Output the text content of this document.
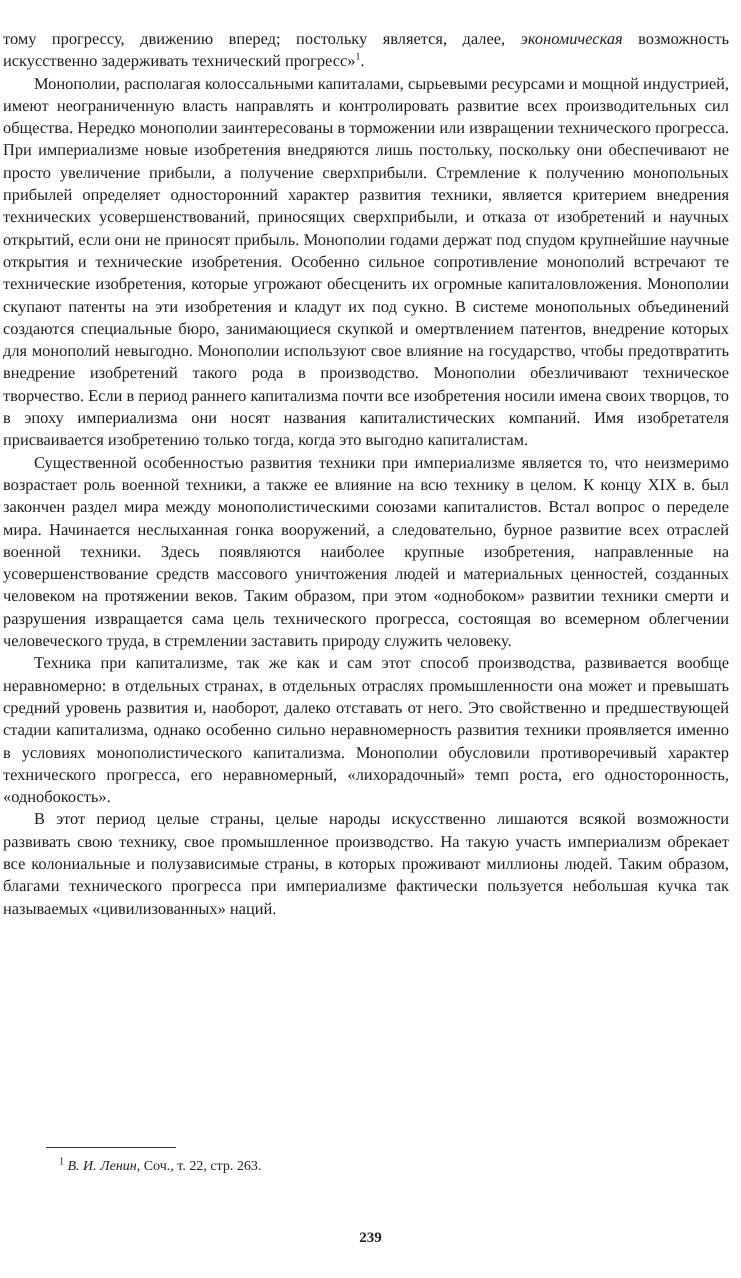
тому прогрессу, движению вперед; постольку является, далее, экономическая возможность искусственно задерживать технический прогресс»$^1$.

Монополии, располагая колоссальными капиталами, сырьевыми ресурсами и мощной индустрией, имеют неограниченную власть направлять и контролировать развитие всех производительных сил общества. Нередко монополии заинтересованы в торможении или извращении технического прогресса. При империализме новые изобретения внедряются лишь постольку, поскольку они обеспечивают не просто увеличение прибыли, а получение сверхприбыли. Стремление к получению монопольных прибылей определяет односторонний характер развития техники, является критерием внедрения технических усовершенствований, приносящих сверхприбыли, и отказа от изобретений и научных открытий, если они не приносят прибыль. Монополии годами держат под спудом крупнейшие научные открытия и технические изобретения. Особенно сильное сопротивление монополий встречают те технические изобретения, которые угрожают обесценить их огромные капиталовложения. Монополии скупают патенты на эти изобретения и кладут их под сукно. В системе монопольных объединений создаются специальные бюро, занимающиеся скупкой и омертвлением патентов, внедрение которых для монополий невыгодно. Монополии используют свое влияние на государство, чтобы предотвратить внедрение изобретений такого рода в производство. Монополии обезличивают техническое творчество. Если в период раннего капитализма почти все изобретения носили имена своих творцов, то в эпоху империализма они носят названия капиталистических компаний. Имя изобретателя присваивается изобретению только тогда, когда это выгодно капиталистам.

Существенной особенностью развития техники при империализме является то, что неизмеримо возрастает роль военной техники, а также ее влияние на всю технику в целом. К концу XIX в. был закончен раздел мира между монополистическими союзами капиталистов. Встал вопрос о переделе мира. Начинается неслыханная гонка вооружений, а следовательно, бурное развитие всех отраслей военной техники. Здесь появляются наиболее крупные изобретения, направленные на усовершенствование средств массового уничтожения людей и материальных ценностей, созданных человеком на протяжении веков. Таким образом, при этом «однобоком» развитии техники смерти и разрушения извращается сама цель технического прогресса, состоящая во всемерном облегчении человеческого труда, в стремлении заставить природу служить человеку.

Техника при капитализме, так же как и сам этот способ производства, развивается вообще неравномерно: в отдельных странах, в отдельных отраслях промышленности она может и превышать средний уровень развития и, наоборот, далеко отставать от него. Это свойственно и предшествующей стадии капитализма, однако особенно сильно неравномерность развития техники проявляется именно в условиях монополистического капитализма. Монополии обусловили противоречивый характер технического прогресса, его неравномерный, «лихорадочный» темп роста, его односторонность, «однобокость».

В этот период целые страны, целые народы искусственно лишаются всякой возможности развивать свою технику, свое промышленное производство. На такую участь империализм обрекает все колониальные и полузависимые страны, в которых проживают миллионы людей. Таким образом, благами технического прогресса при империализме фактически пользуется небольшая кучка так называемых «цивилизованных» наций.

$^1$ В. И. Ленин, Соч., т. 22, стр. 263.
239
